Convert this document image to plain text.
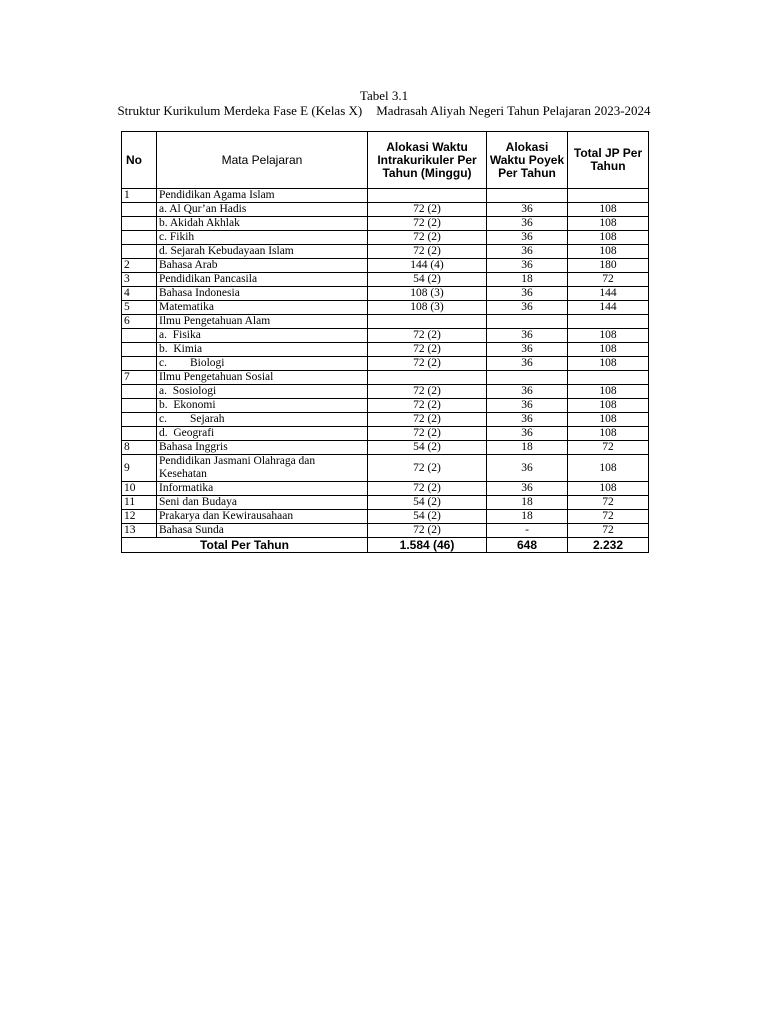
Tabel 3.1
Struktur Kurikulum Merdeka Fase E (Kelas X) Madrasah Aliyah Negeri Tahun Pelajaran 2023-2024
No	Mata Pelajaran	Alokasi Waktu Intrakurikuler Per Tahun (Minggu)	Alokasi Waktu Poyek Per Tahun	Total JP Per Tahun
1	Pendidikan Agama Islam			
	a. Al Qur’an Hadis	72 (2)	36	108
	b. Akidah Akhlak	72 (2)	36	108
	c. Fikih	72 (2)	36	108
	d. Sejarah Kebudayaan Islam	72 (2)	36	108
2	Bahasa Arab	144 (4)	36	180
3	Pendidikan Pancasila	54 (2)	18	72
4	Bahasa Indonesia	108 (3)	36	144
5	Matematika	108 (3)	36	144
6	Ilmu Pengetahuan Alam			
	a.  Fisika	72 (2)	36	108
	b.  Kimia	72 (2)	36	108
	c.        Biologi	72 (2)	36	108
7	Ilmu Pengetahuan Sosial			
	a.  Sosiologi	72 (2)	36	108
	b.  Ekonomi	72 (2)	36	108
	c.        Sejarah	72 (2)	36	108
	d.  Geografi	72 (2)	36	108
8	Bahasa Inggris	54 (2)	18	72
9	Pendidikan Jasmani Olahraga dan Kesehatan	72 (2)	36	108
10	Informatika	72 (2)	36	108
11	Seni dan Budaya	54 (2)	18	72
12	Prakarya dan Kewirausahaan	54 (2)	18	72
13	Bahasa Sunda	72 (2)	-	72
Total Per Tahun		1.584 (46)	648	2.232
